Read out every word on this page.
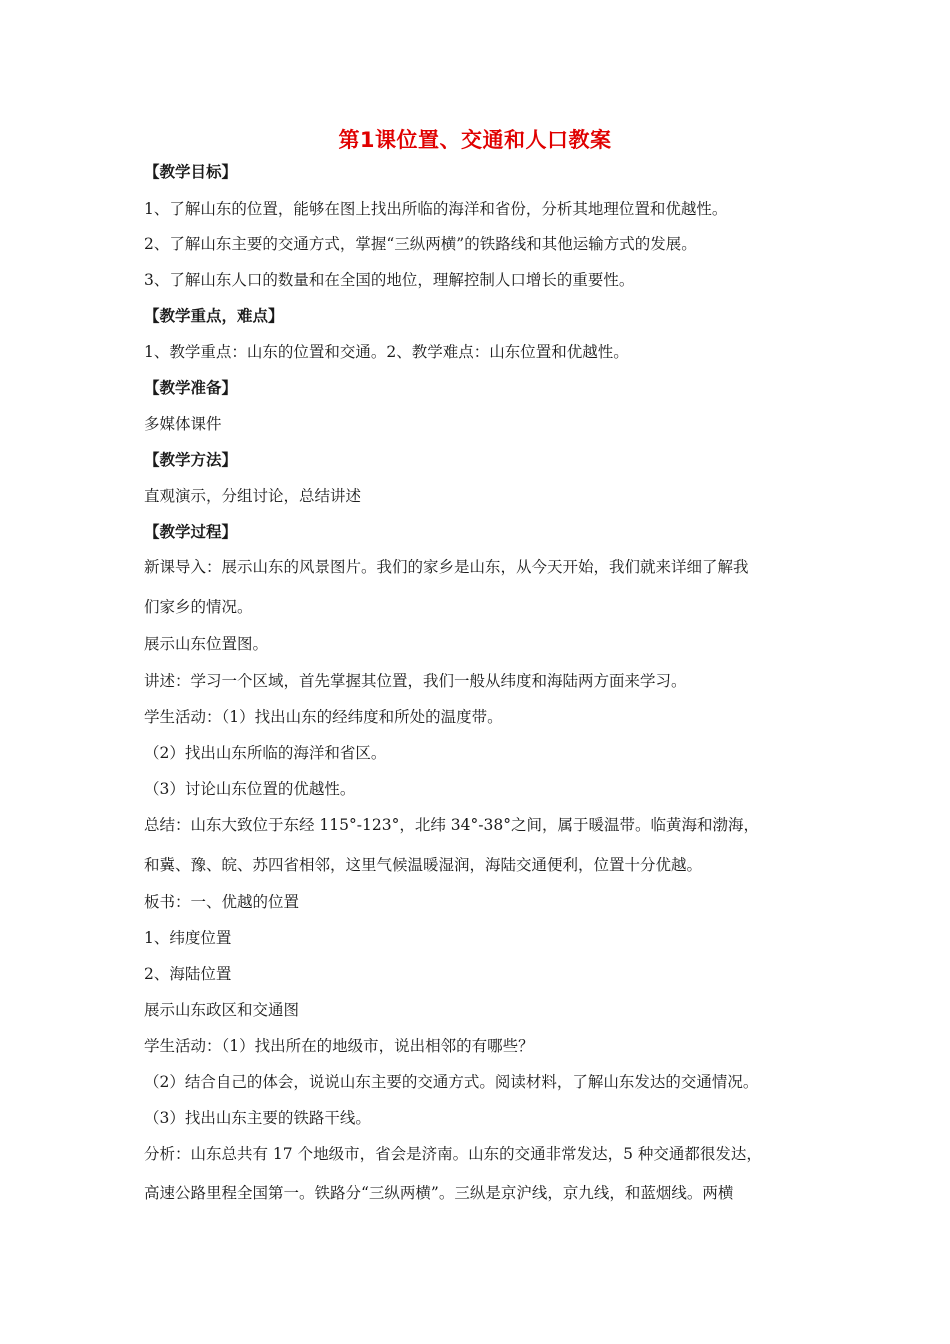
第1课位置、交通和人口教案
【教学目标】
1、了解山东的位置，能够在图上找出所临的海洋和省份，分析其地理位置和优越性。
2、了解山东主要的交通方式，掌握“三纵两横”的铁路线和其他运输方式的发展。
3、了解山东人口的数量和在全国的地位，理解控制人口增长的重要性。
【教学重点，难点】
1、教学重点：山东的位置和交通。2、教学难点：山东位置和优越性。
【教学准备】
多媒体课件
【教学方法】
直观演示，分组讨论，总结讲述
【教学过程】
新课导入：展示山东的风景图片。我们的家乡是山东，从今天开始，我们就来详细了解我
们家乡的情况。
展示山东位置图。
讲述：学习一个区域，首先掌握其位置，我们一般从纬度和海陆两方面来学习。
学生活动：（1）找出山东的经纬度和所处的温度带。
（2）找出山东所临的海洋和省区。
（3）讨论山东位置的优越性。
总结：山东大致位于东经 115°-123°，北纬 34°-38°之间，属于暖温带。临黄海和渤海，
和冀、豫、皖、苏四省相邻，这里气候温暖湿润，海陆交通便利，位置十分优越。
板书：一、优越的位置
1、纬度位置
2、海陆位置
展示山东政区和交通图
学生活动：（1）找出所在的地级市，说出相邻的有哪些？
（2）结合自己的体会，说说山东主要的交通方式。阅读材料，了解山东发达的交通情况。
（3）找出山东主要的铁路干线。
分析：山东总共有 17 个地级市，省会是济南。山东的交通非常发达，5 种交通都很发达，
高速公路里程全国第一。铁路分“三纵两横”。三纵是京沪线，京九线，和蓝烟线。两横
